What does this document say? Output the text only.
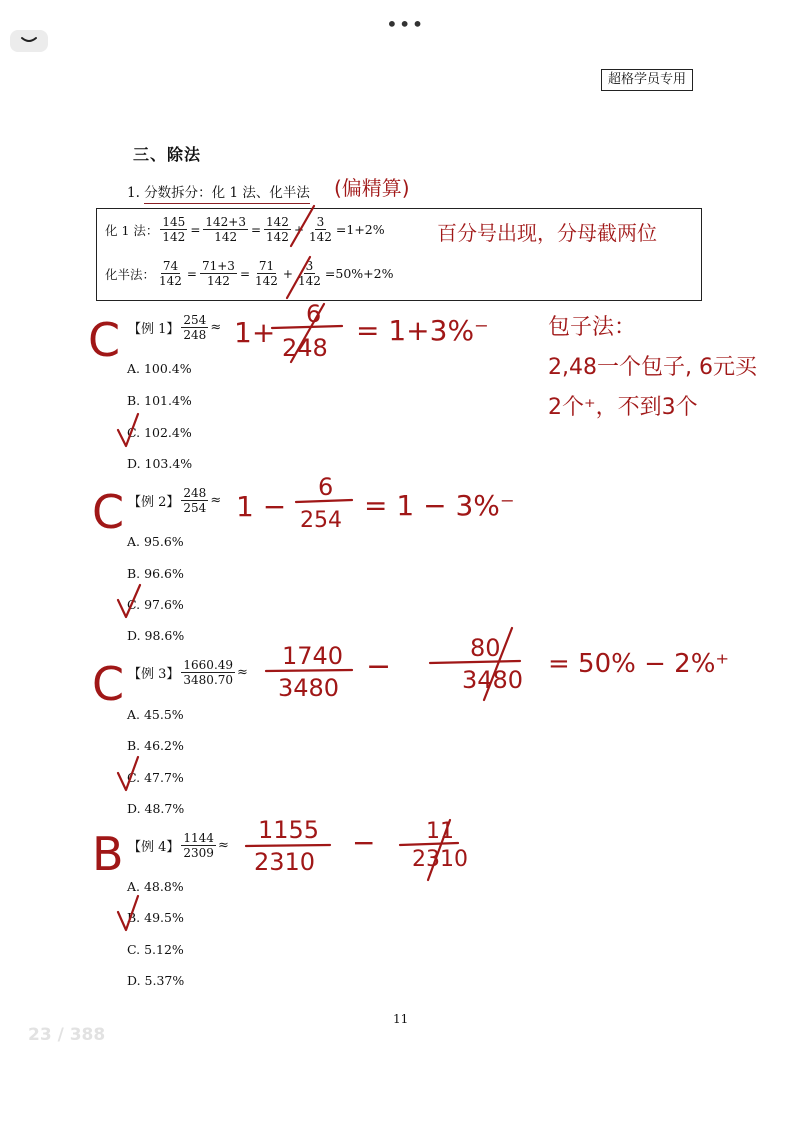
•••
超格学员专用
三、除法
1. 分数拆分：化 1 法、化半法
化 1 法： $\frac{145}{142} = \frac{142+3}{142} = \frac{142}{142} + \frac{3}{142} =1+2\%$
化半法： $\frac{74}{142} = \frac{71+3}{142} = \frac{71}{142} + \frac{3}{142} =50\%+2\%$
【例 1】 $\frac{254}{248}$ ≈
A. 100.4%
B. 101.4%
C. 102.4%
D. 103.4%
【例 2】 $\frac{248}{254}$ ≈
A. 95.6%
B. 96.6%
C. 97.6%
D. 98.6%
【例 3】 $\frac{1660.49}{3480.70}$ ≈
A. 45.5%
B. 46.2%
C. 47.7%
D. 48.7%
【例 4】 $\frac{1144}{2309}$ ≈
A. 48.8%
B. 49.5%
C. 5.12%
D. 5.37%
(偏精算)
百分号出现，分母截两位
C
C
C
B
1+
6
248
= 1+3%⁻	包子法：
2,48一个包子, 6元买
2个⁺，不到3个
1 −
6
254 = 1 − 3%⁻
1740
3480
−
80
3480
= 50% − 2%⁺
1155
2310
− 11
2310
11
23 / 388
